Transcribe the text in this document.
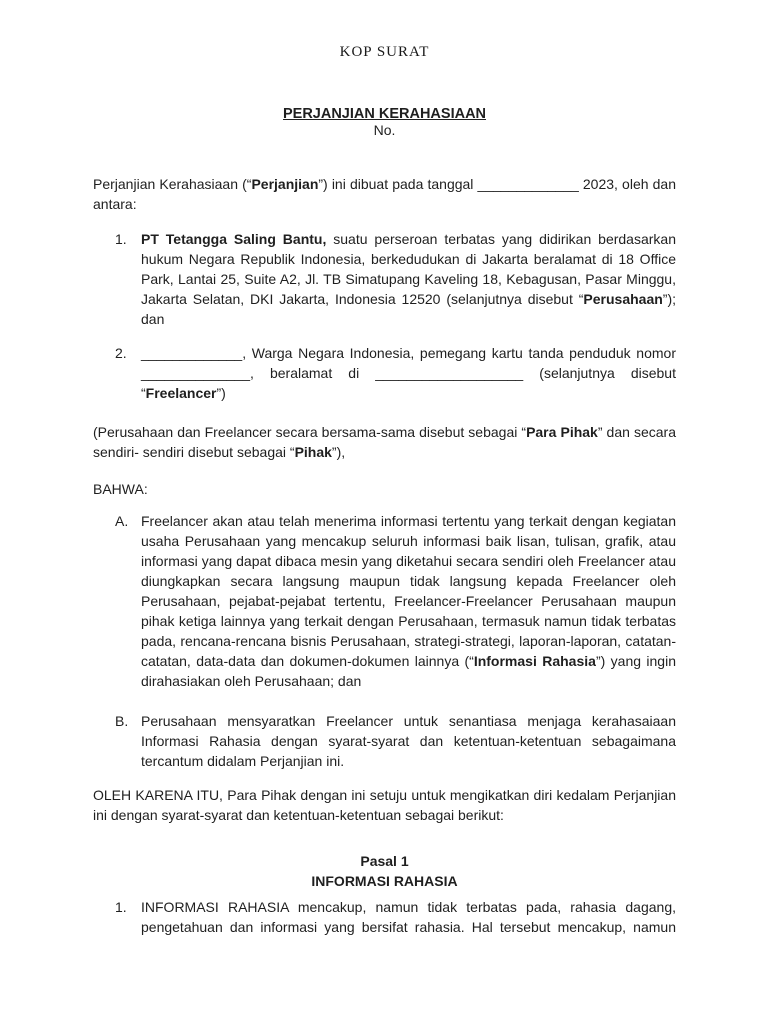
KOP SURAT
PERJANJIAN KERAHASIAAN
No.
Perjanjian Kerahasiaan (“Perjanjian”) ini dibuat pada tanggal _____________ 2023, oleh dan antara:
1.	PT Tetangga Saling Bantu, suatu perseroan terbatas yang didirikan berdasarkan hukum Negara Republik Indonesia, berkedudukan di Jakarta beralamat di 18 Office Park, Lantai 25, Suite A2, Jl. TB Simatupang Kaveling 18, Kebagusan, Pasar Minggu, Jakarta Selatan, DKI Jakarta, Indonesia 12520 (selanjutnya disebut “Perusahaan”); dan
2.	_____________, Warga Negara Indonesia, pemegang kartu tanda penduduk nomor ______________, beralamat di ___________________ (selanjutnya disebut “Freelancer”)
(Perusahaan dan Freelancer secara bersama-sama disebut sebagai “Para Pihak” dan secara sendiri- sendiri disebut sebagai “Pihak”),
BAHWA:
A. Freelancer akan atau telah menerima informasi tertentu yang terkait dengan kegiatan usaha Perusahaan yang mencakup seluruh informasi baik lisan, tulisan, grafik, atau informasi yang dapat dibaca mesin yang diketahui secara sendiri oleh Freelancer atau diungkapkan secara langsung maupun tidak langsung kepada Freelancer oleh Perusahaan, pejabat-pejabat tertentu, Freelancer-Freelancer Perusahaan maupun pihak ketiga lainnya yang terkait dengan Perusahaan, termasuk namun tidak terbatas pada, rencana-rencana bisnis Perusahaan, strategi-strategi, laporan-laporan, catatan-catatan, data-data dan dokumen-dokumen lainnya (“Informasi Rahasia”) yang ingin dirahasiakan oleh Perusahaan; dan
B. Perusahaan mensyaratkan Freelancer untuk senantiasa menjaga kerahasaiaan Informasi Rahasia dengan syarat-syarat dan ketentuan-ketentuan sebagaimana tercantum didalam Perjanjian ini.
OLEH KARENA ITU, Para Pihak dengan ini setuju untuk mengikatkan diri kedalam Perjanjian ini dengan syarat-syarat dan ketentuan-ketentuan sebagai berikut:
Pasal 1
INFORMASI RAHASIA
1.	INFORMASI RAHASIA mencakup, namun tidak terbatas pada, rahasia dagang, pengetahuan dan informasi yang bersifat rahasia. Hal tersebut mencakup, namun
